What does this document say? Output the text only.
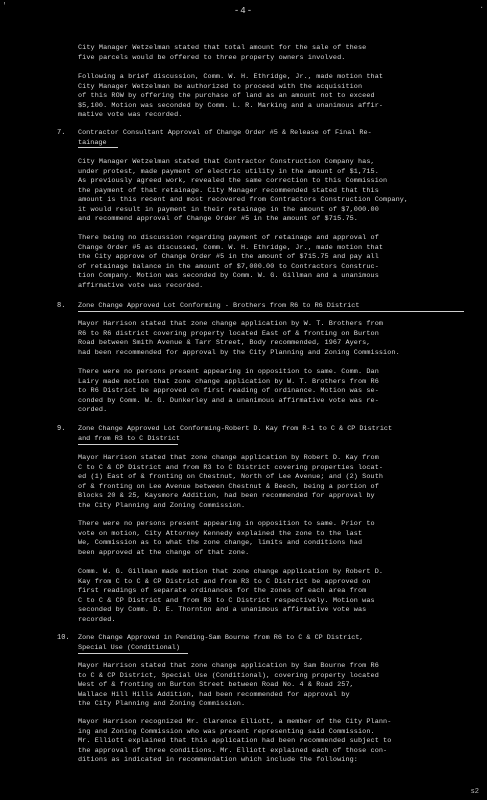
'	.
-4-
City Manager Wetzelman stated that total amount for the sale of these
five parcels would be offered to three property owners involved.
Following a brief discussion, Comm. W. H. Ethridge, Jr., made motion that
City Manager Wetzelman be authorized to proceed with the acquisition
of this ROW by offering the purchase of land as an amount not to exceed
$5,100. Motion was seconded by Comm. L. R. Marking and a unanimous affir-
mative vote was recorded.
7. Contractor Consultant Approval of Change Order #5 & Release of Final Re-
tainage
City Manager Wetzelman stated that Contractor Construction Company has,
under protest, made payment of electric utility in the amount of $1,715.
As previously agreed work, revealed the same correction to this Commission
the payment of that retainage. City Manager recommended stated that this
amount is this recent and most recovered from Contractors Construction Company,
it would result in payment in their retainage in the amount of $7,000.00
and recommend approval of Change Order #5 in the amount of $715.75.
There being no discussion regarding payment of retainage and approval of
Change Order #5 as discussed, Comm. W. H. Ethridge, Jr., made motion that
the City approve of Change Order #5 in the amount of $715.75 and pay all
of retainage balance in the amount of $7,000.00 to Contractors Construc-
tion Company. Motion was seconded by Comm. W. G. Gillman and a unanimous
affirmative vote was recorded.
8. Zone Change Approved Lot Conforming - Brothers from R6 to R6 District
Mayor Harrison stated that zone change application by W. T. Brothers from
R6 to R6 district covering property located East of & fronting on Burton
Road between Smith Avenue & Tarr Street, Body recommended, 1967 Ayers,
had been recommended for approval by the City Planning and Zoning Commission.
There were no persons present appearing in opposition to same. Comm. Dan
Lairy made motion that zone change application by W. T. Brothers from R6
to R6 District be approved on first reading of ordinance. Motion was se-
conded by Comm. W. G. Dunkerley and a unanimous affirmative vote was re-
corded.
9. Zone Change Approved Lot Conforming-Robert D. Kay from R-1 to C & CP District
and from R3 to C District
Mayor Harrison stated that zone change application by Robert D. Kay from
C to C & CP District and from R3 to C District covering properties locat-
ed (1) East of & fronting on Chestnut, North of Lee Avenue; and (2) South
of & fronting on Lee Avenue between Chestnut & Beech, being a portion of
Blocks 20 & 25, Kaysmore Addition, had been recommended for approval by
the City Planning and Zoning Commission.
There were no persons present appearing in opposition to same. Prior to
vote on motion, City Attorney Kennedy explained the zone to the last
We, Commission as to what the zone change, limits and conditions had
been approved at the change of that zone.
Comm. W. G. Gillman made motion that zone change application by Robert D.
Kay from C to C & CP District and from R3 to C District be approved on
first readings of separate ordinances for the zones of each area from
C to C & CP District and from R3 to C District respectively. Motion was
seconded by Comm. D. E. Thornton and a unanimous affirmative vote was
recorded.
10. Zone Change Approved in Pending-Sam Bourne from R6 to C & CP District,
Special Use (Conditional)
Mayor Harrison stated that zone change application by Sam Bourne from R6
to C & CP District, Special Use (Conditional), covering property located
West of & fronting on Burton Street between Road No. 4 & Road 257,
Wallace Hill Hills Addition, had been recommended for approval by
the City Planning and Zoning Commission.
Mayor Harrison recognized Mr. Clarence Elliott, a member of the City Plann-
ing and Zoning Commission who was present representing said Commission.
Mr. Elliott explained that this application had been recommended subject to
the approval of three conditions. Mr. Elliott explained each of those con-
ditions as indicated in recommendation which include the following:
s2
